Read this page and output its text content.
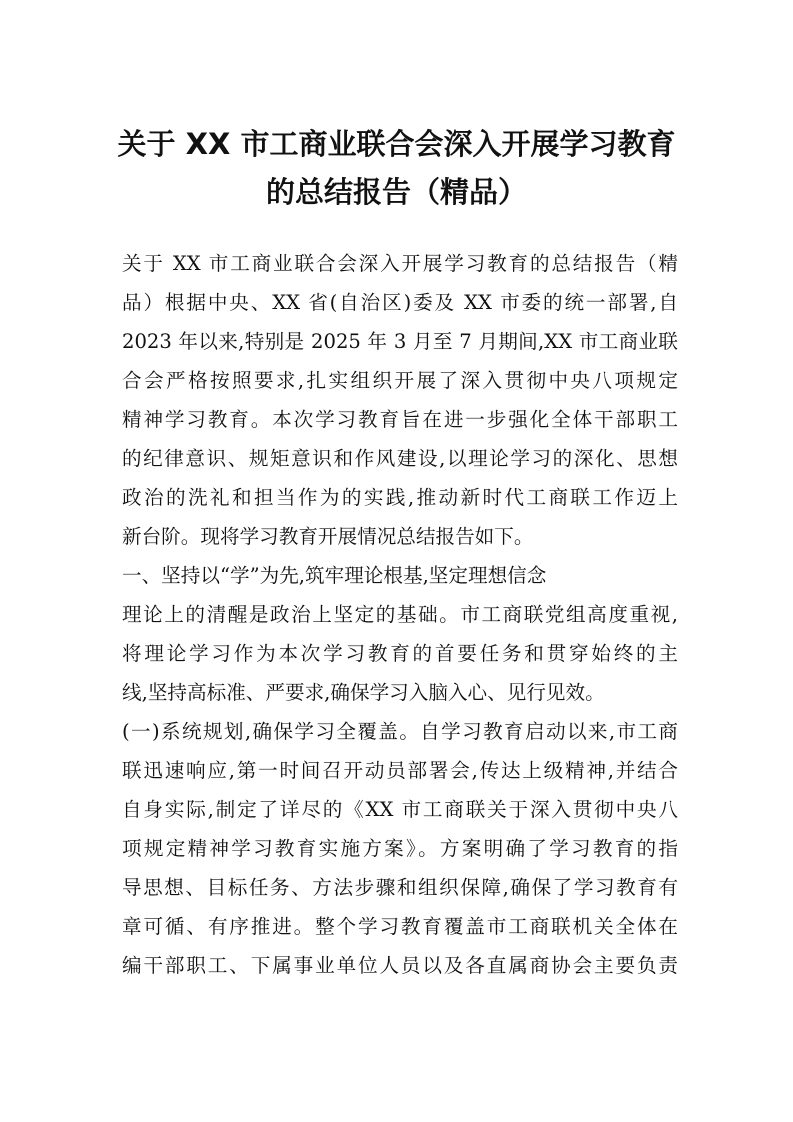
关于 XX 市工商业联合会深入开展学习教育
的总结报告（精品）
关于 XX 市工商业联合会深入开展学习教育的总结报告（精
品）根据中央、XX 省(自治区)委及 XX 市委的统一部署,自
2023 年以来,特别是 2025 年 3 月至 7 月期间,XX 市工商业联
合会严格按照要求,扎实组织开展了深入贯彻中央八项规定
精神学习教育。本次学习教育旨在进一步强化全体干部职工
的纪律意识、规矩意识和作风建设,以理论学习的深化、思想
政治的洗礼和担当作为的实践,推动新时代工商联工作迈上
新台阶。现将学习教育开展情况总结报告如下。
一、坚持以“学”为先,筑牢理论根基,坚定理想信念
理论上的清醒是政治上坚定的基础。市工商联党组高度重视,
将理论学习作为本次学习教育的首要任务和贯穿始终的主
线,坚持高标准、严要求,确保学习入脑入心、见行见效。
(一)系统规划,确保学习全覆盖。自学习教育启动以来,市工商
联迅速响应,第一时间召开动员部署会,传达上级精神,并结合
自身实际,制定了详尽的《XX 市工商联关于深入贯彻中央八
项规定精神学习教育实施方案》。方案明确了学习教育的指
导思想、目标任务、方法步骤和组织保障,确保了学习教育有
章可循、有序推进。整个学习教育覆盖市工商联机关全体在
编干部职工、下属事业单位人员以及各直属商协会主要负责
